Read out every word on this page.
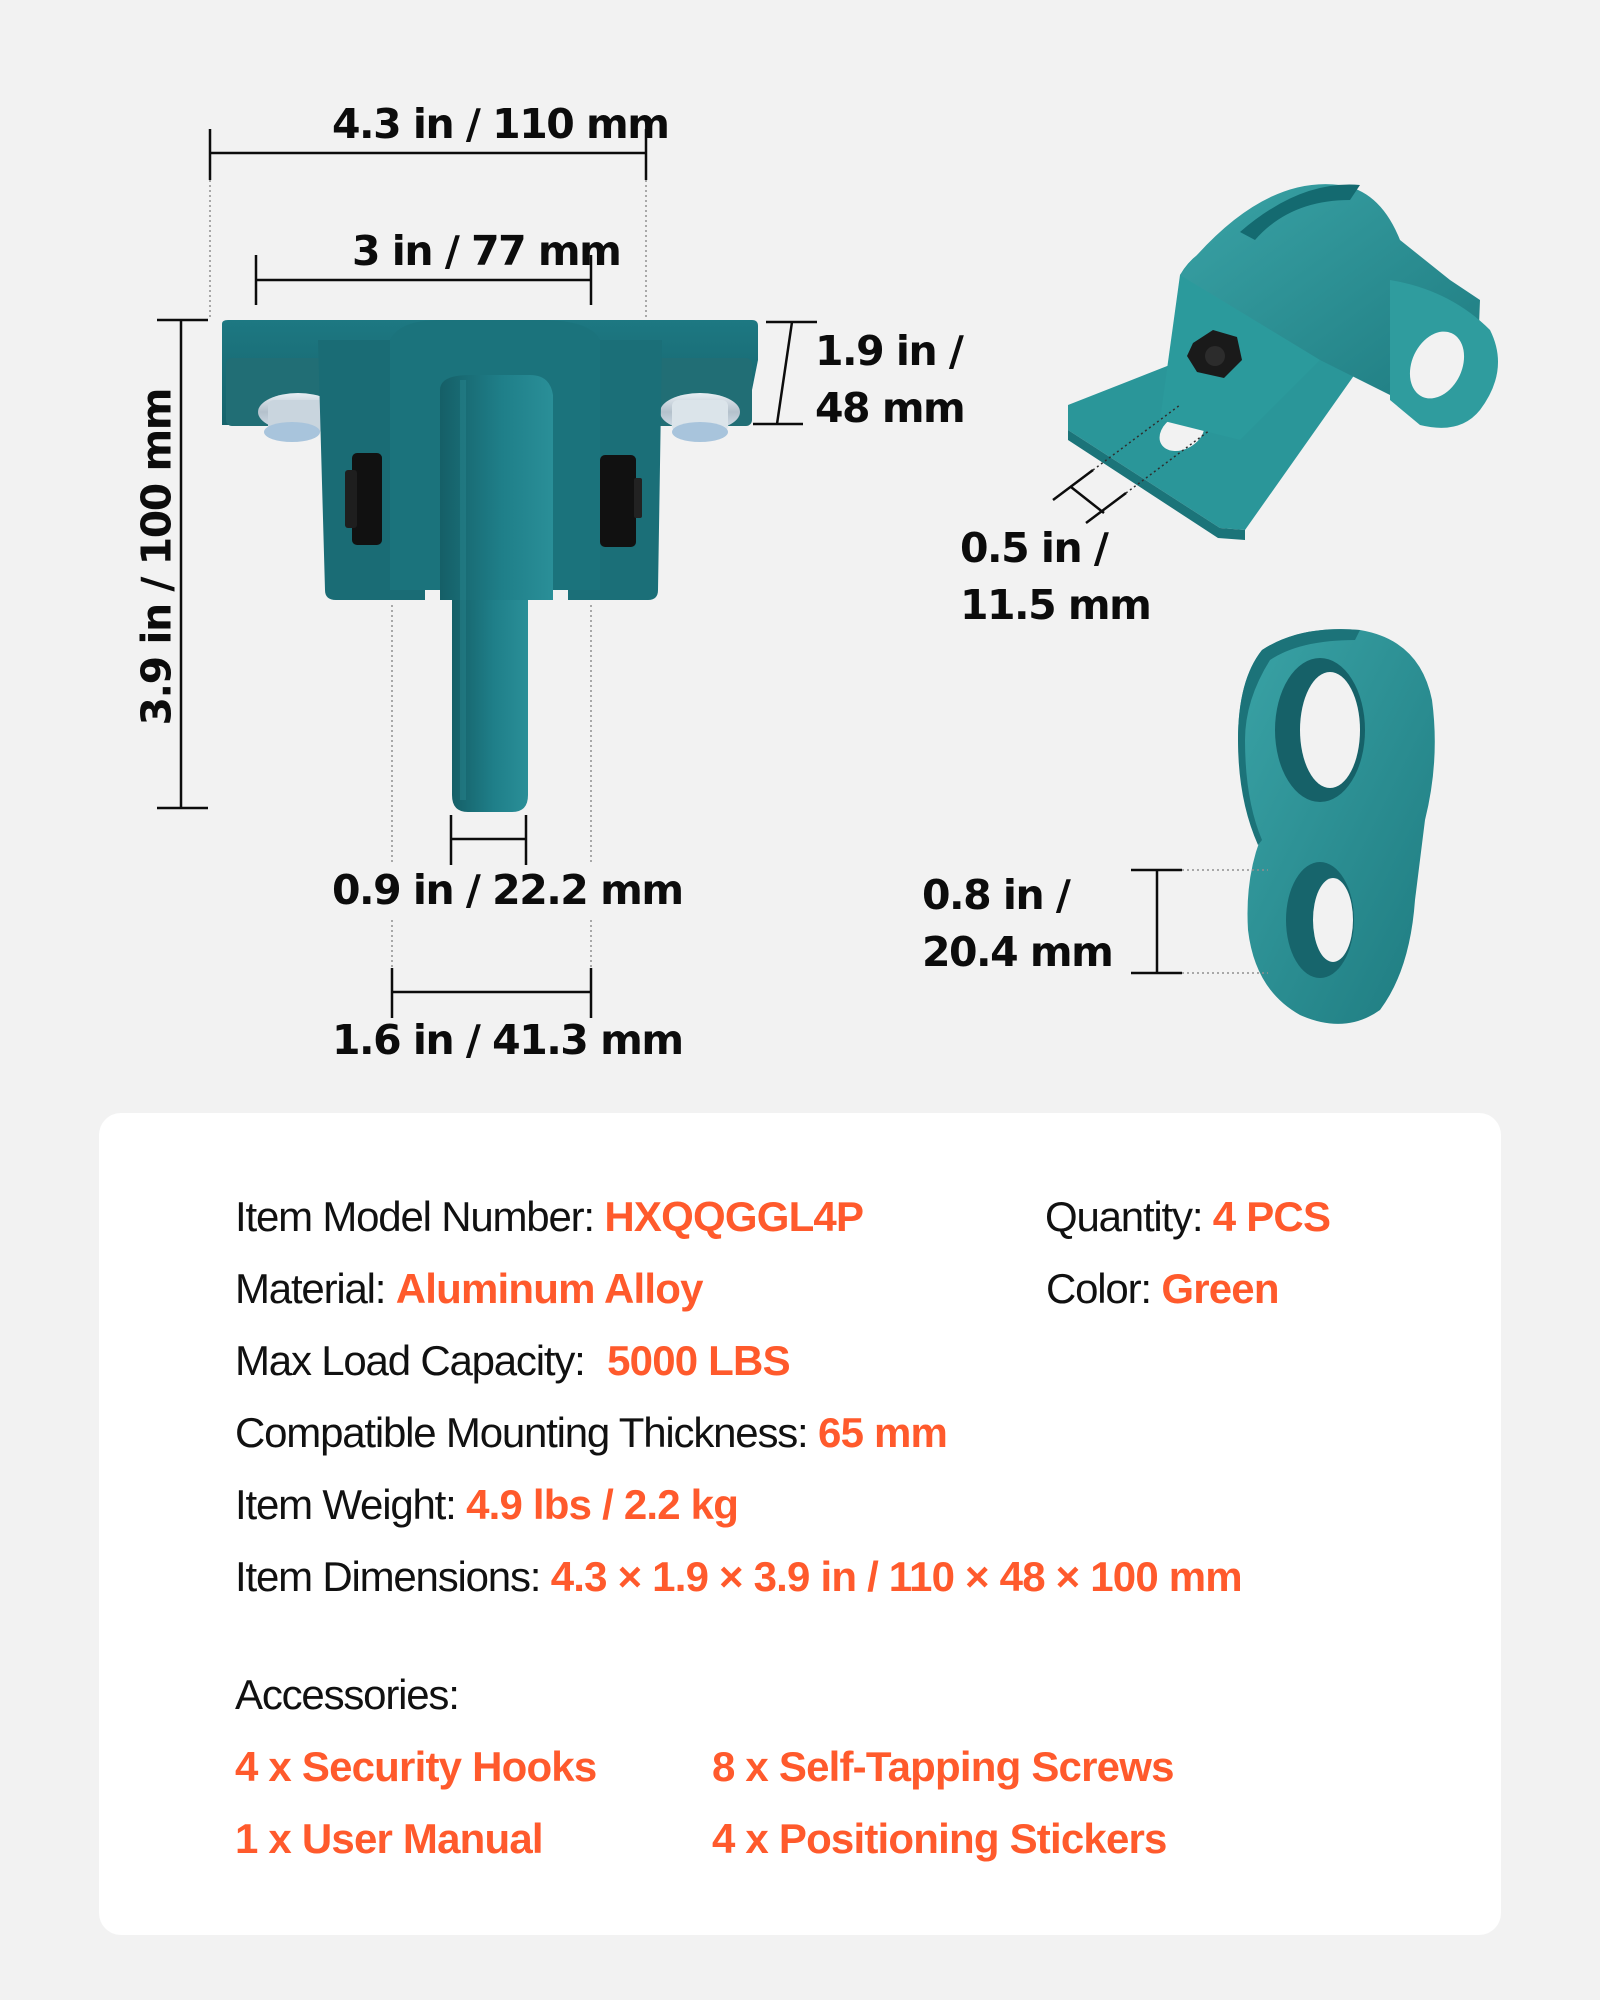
4.3 in / 110 mm
3 in / 77 mm
3.9 in / 100 mm
1.9 in /
48 mm
0.9 in / 22.2 mm
1.6 in / 41.3 mm
0.5 in /
11.5 mm
0.8 in /
20.4 mm
Item Model Number: HXQQGGL4P	Quantity: 4 PCS
Material: Aluminum Alloy	Color: Green
Max Load Capacity: 5000 LBS
Compatible Mounting Thickness: 65 mm
Item Weight: 4.9 lbs / 2.2 kg
Item Dimensions: 4.3 × 1.9 × 3.9 in / 110 × 48 × 100 mm
Accessories:
4 x Security Hooks	8 x Self-Tapping Screws
1 x User Manual	4 x Positioning Stickers
